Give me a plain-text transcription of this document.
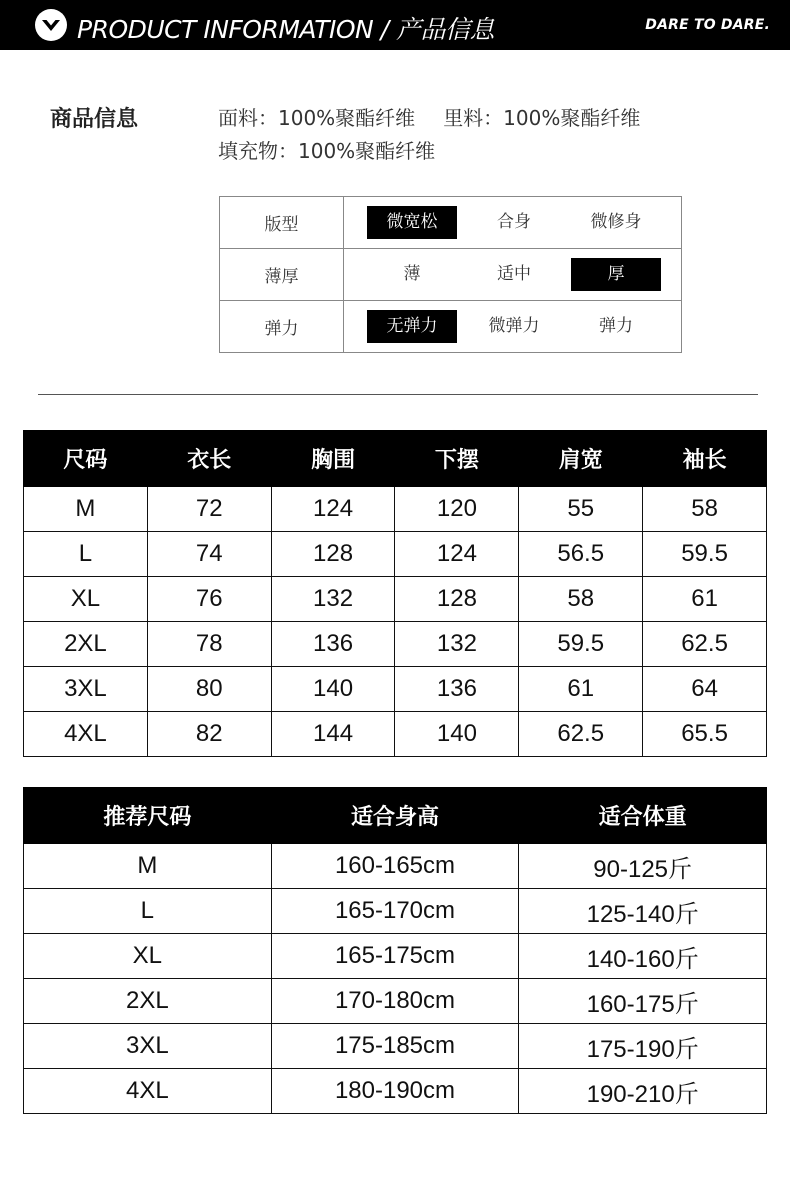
PRODUCT INFORMATION / 产品信息	DARE TO DARE.
商品信息	面料：100%聚酯纤维 里料：100%聚酯纤维
填充物：100%聚酯纤维
版型	微宽松 合身 微修身

薄厚	薄 适中 厚

弹力	无弹力 微弹力 弹力
尺码	衣长	胸围	下摆	肩宽	袖长
M	72	124	120	55	58
L	74	128	124	56.5	59.5
XL	76	132	128	58	61
2XL	78	136	132	59.5	62.5
3XL	80	140	136	61	64
4XL	82	144	140	62.5	65.5
推荐尺码	适合身高	适合体重
M	160-165cm	90-125斤
L	165-170cm	125-140斤
XL	165-175cm	140-160斤
2XL	170-180cm	160-175斤
3XL	175-185cm	175-190斤
4XL	180-190cm	190-210斤
